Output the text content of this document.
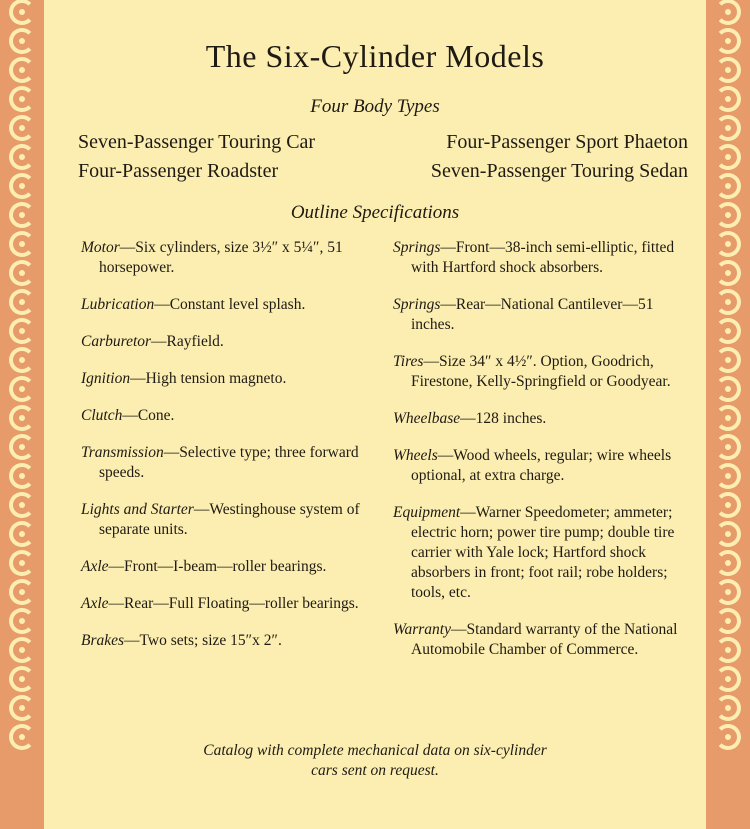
The Six-Cylinder Models
Four Body Types
Seven-Passenger Touring Car	Four-Passenger Sport Phaeton
Four-Passenger Roadster	Seven-Passenger Touring Sedan
Outline Specifications

Motor—Six cylinders, size 3½″ x 5¼″, 51 horsepower.

Lubrication—Constant level splash.

Carburetor—Rayfield.

Ignition—High tension magneto.

Clutch—Cone.

Transmission—Selective type; three forward speeds.

Lights and Starter—Westinghouse system of separate units.

Axle—Front—I-beam—roller bearings.

Axle—Rear—Full Floating—roller bearings.

Brakes—Two sets; size 15″x 2″.

Springs—Front—38-inch semi-elliptic, fitted with Hartford shock absorbers.

Springs—Rear—National Cantilever—51 inches.

Tires—Size 34″ x 4½″. Option, Goodrich, Firestone, Kelly-Springfield or Goodyear.

Wheelbase—128 inches.

Wheels—Wood wheels, regular; wire wheels optional, at extra charge.

Equipment—Warner Speedometer; ammeter; electric horn; power tire pump; double tire carrier with Yale lock; Hartford shock absorbers in front; foot rail; robe holders; tools, etc.

Warranty—Standard warranty of the National Automobile Chamber of Commerce.

Catalog with complete mechanical data on six-cylinder
cars sent on request.
